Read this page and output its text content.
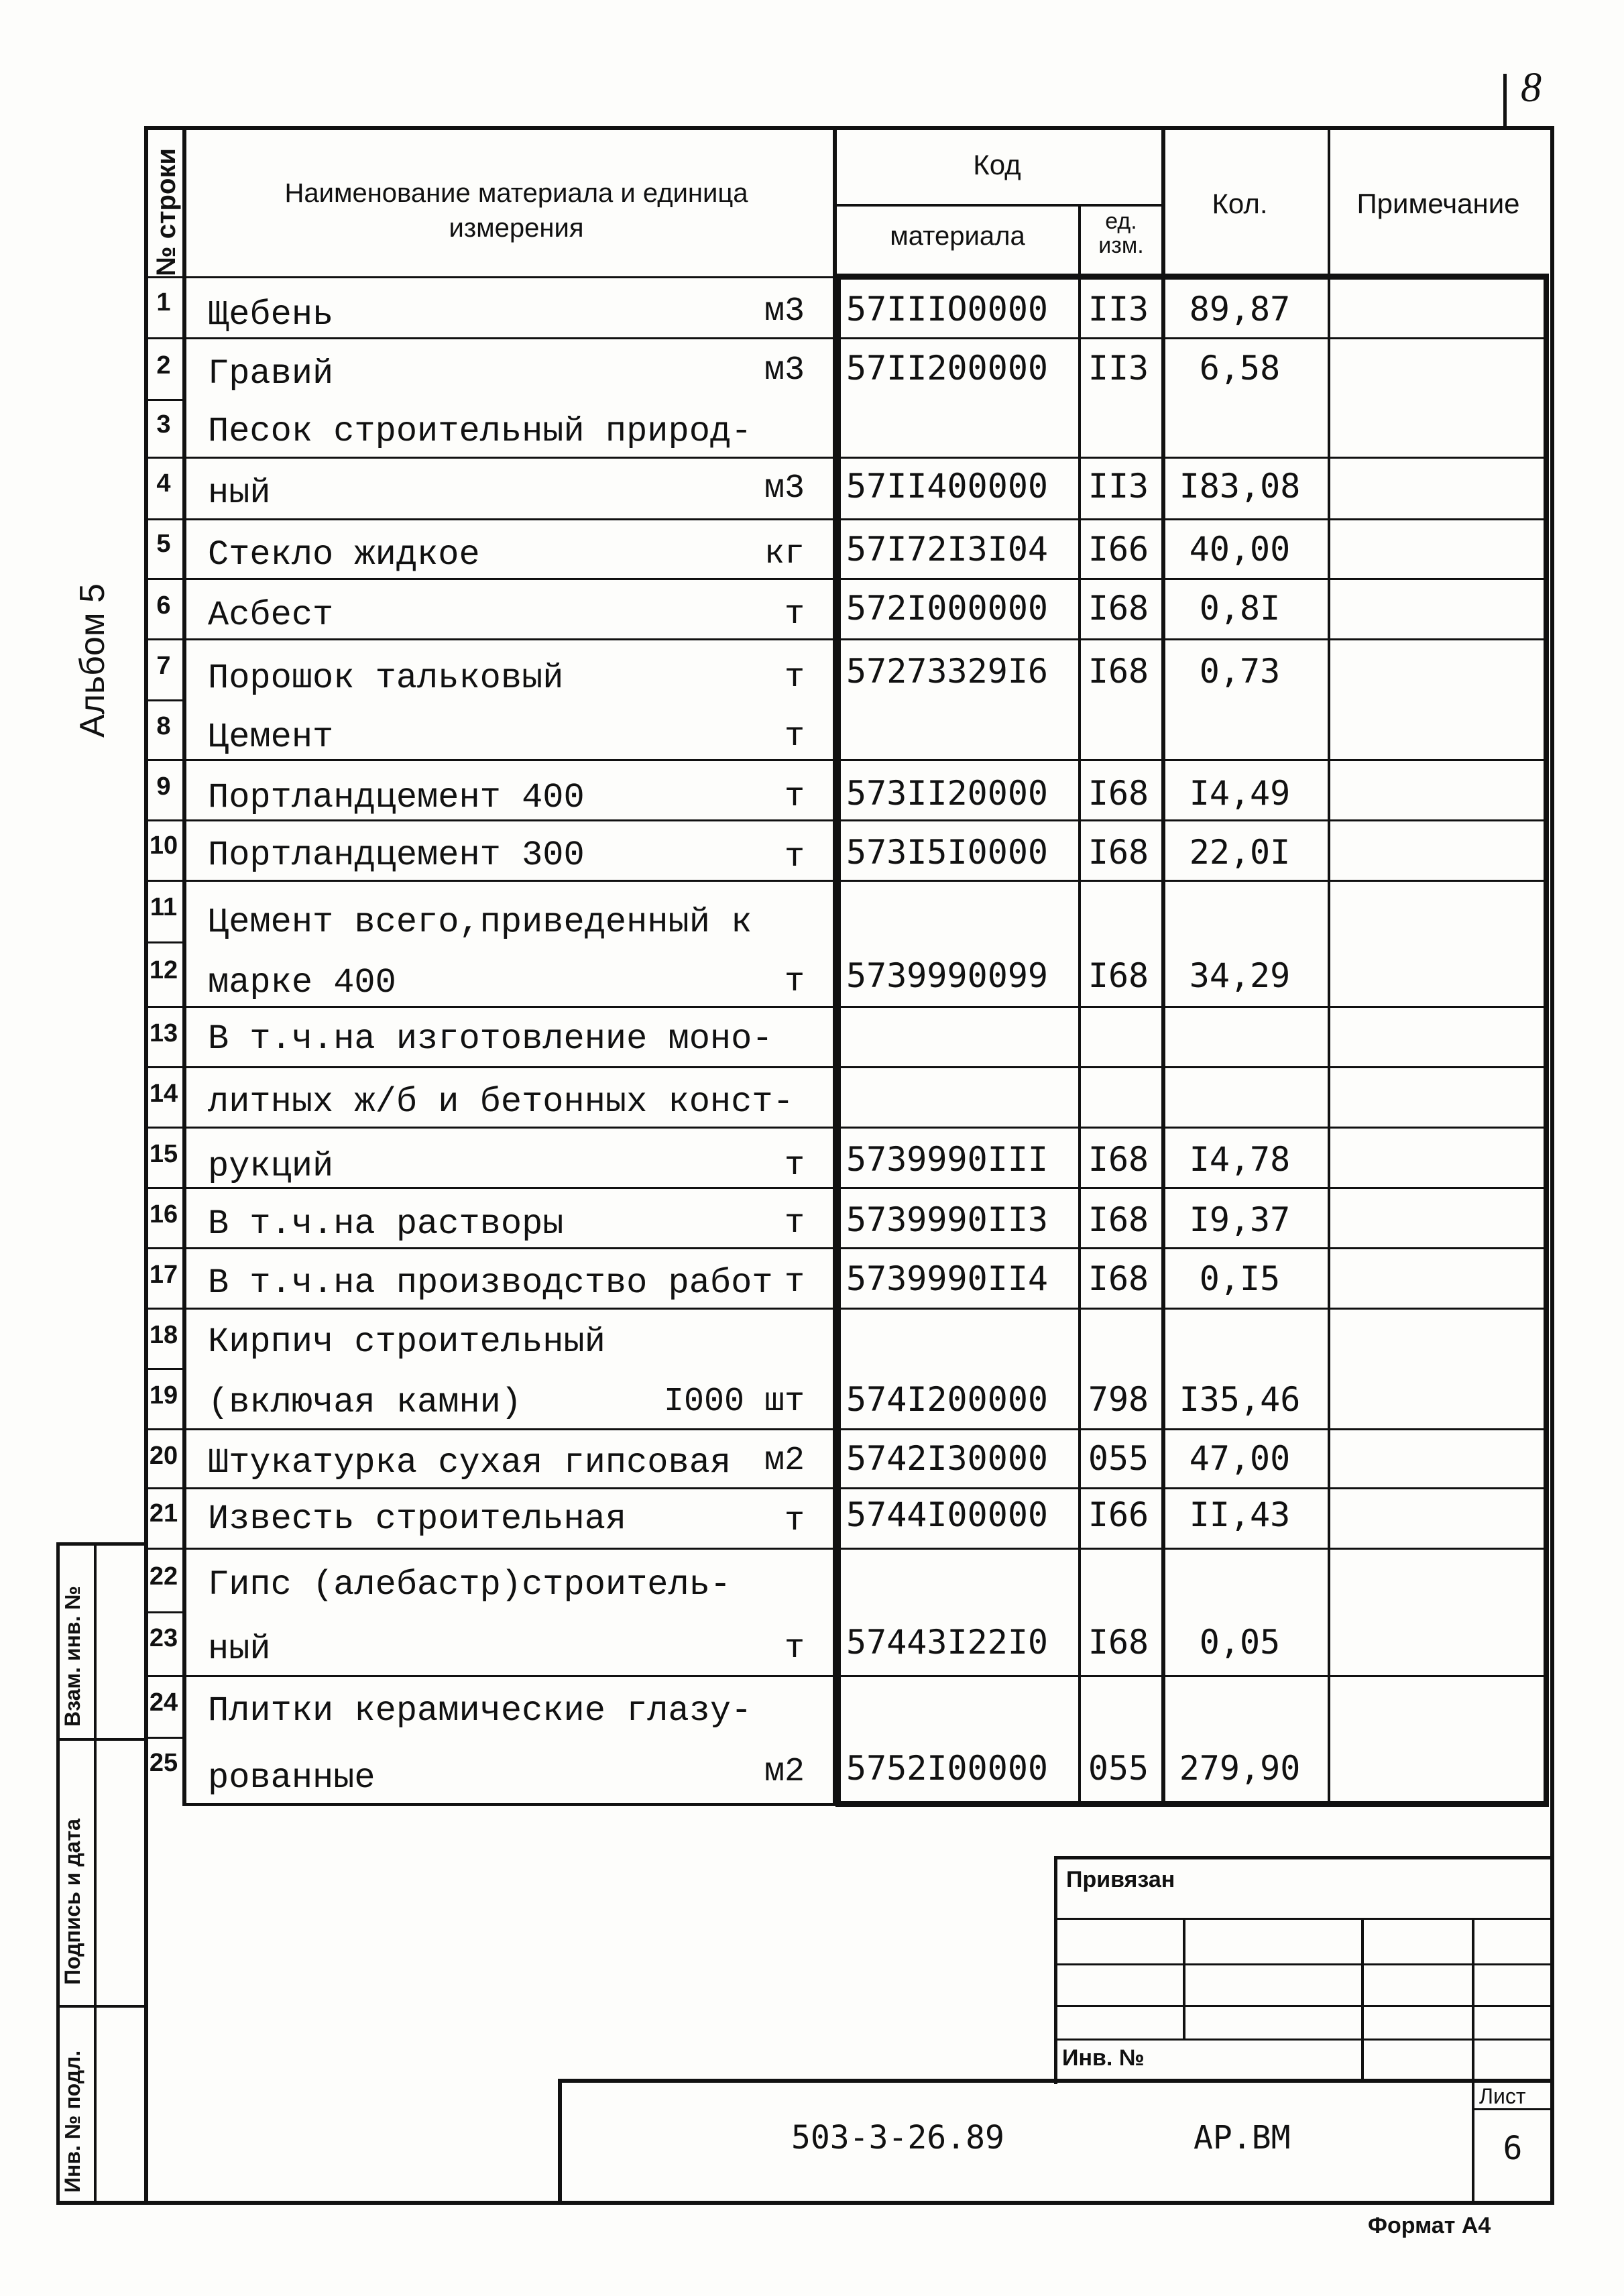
8
Альбом 5
№ строки	Наименование материала и единица измерения
Код
материала	ед. изм.
Кол.	Примечание
1 Щебень	м3 57IIIO0000	II3	89,87
2 Гравий	м3 57II200000	II3	6,58
3 Песок строительный природ-
4 ный	м3 57II400000	II3 I83,08
5 Стекло жидкое	кг 57I72I3I04	I66	40,00
6 Асбест	т 572I000000	I68	0,8I
7 Порошок тальковый	т 57273329I6	I68	0,73
8 Цемент	т
9 Портландцемент 400	т 573II20000	I68	I4,49
10 Портландцемент 300	т 573I5I0000	I68	22,0I
11 Цемент всего,приведенный к
12 марке 400	т 5739990099	I68	34,29
13 В т.ч.на изготовление моно-
14 литных ж/б и бетонных конст-
15 рукций	т 5739990III	I68	I4,78
16 В т.ч.на растворы	т 5739990II3	I68	I9,37
17 В т.ч.на производство работ т 5739990II4	I68	0,I5
18 Кирпич строительный
19 (включая камни)	I000 шт 574I200000	798 I35,46
20 Штукатурка сухая гипсовая м2 5742I30000	055	47,00
21 Известь строительная	т 5744I00000	I66	II,43
22 Гипс (алебастр)строитель-
23 ный	т 57443I22I0	I68	0,05
24 Плитки керамические глазу-
25 рованные	м2 5752I00000	055 279,90
Привязан
Инв. №
503-3-26.89	АР.ВМ
Лист
6
Взам. инв. №
Подпись и дата
Инв. № подл.
Формат А4
